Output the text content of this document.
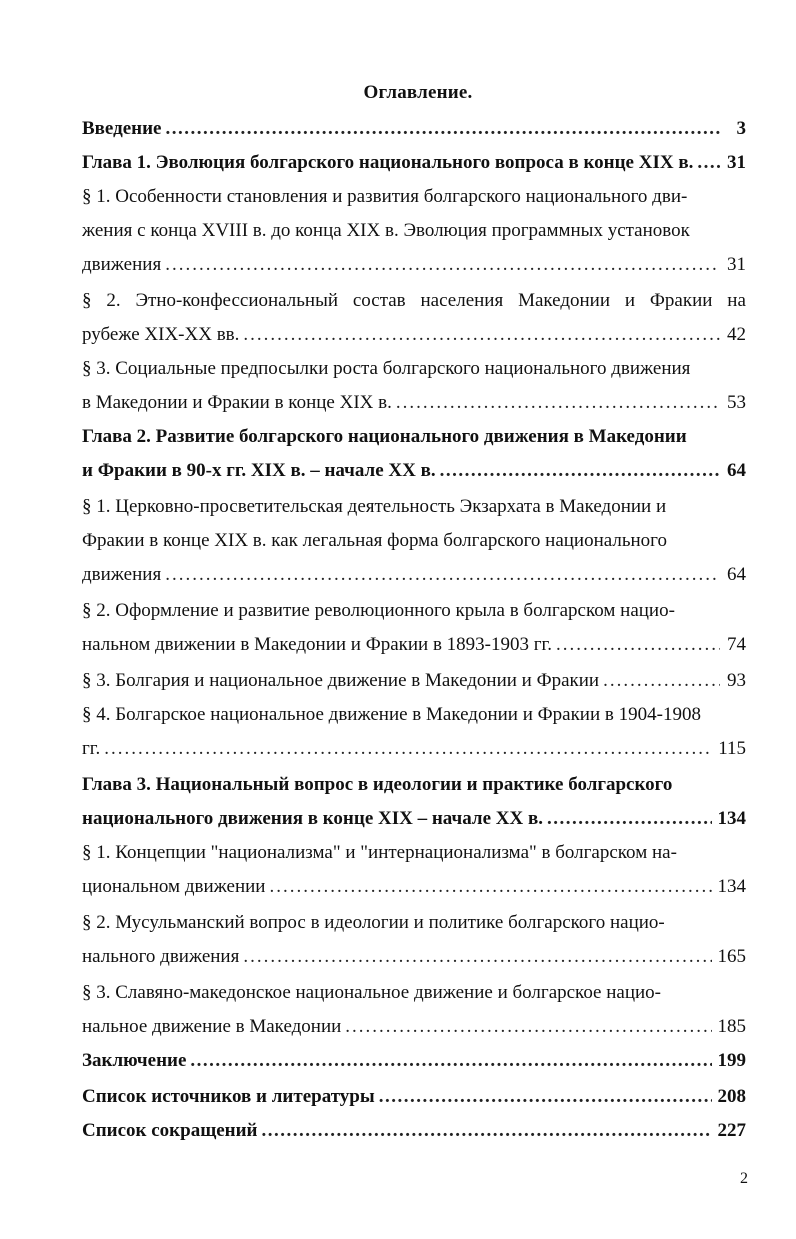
Оглавление.
Введение .....	3
Глава 1. Эволюция болгарского национального вопроса в конце XIX в. ..... 31
§ 1. Особенности становления и развития болгарского национального дви-
жения с конца XVIII в. до конца XIX в. Эволюция программных установок
движения .....	31
§ 2. Этно-конфессиональный состав населения Македонии и Фракии на
рубеже XIX-XX вв. .....	42
§ 3. Социальные предпосылки роста болгарского национального движения
в Македонии и Фракии в конце XIX в. .....	53
Глава 2. Развитие болгарского национального движения в Македонии
и Фракии в 90-х гг. XIX в. – начале XX в. .....	64
§ 1. Церковно-просветительская деятельность Экзархата в Македонии и
Фракии в конце XIX в. как легальная форма болгарского национального
движения .....	64
§ 2. Оформление и развитие революционного крыла в болгарском нацио-
нальном движении в Македонии и Фракии в 1893-1903 гг. .....	74
§ 3. Болгария и национальное движение в Македонии и Фракии .....	93
§ 4. Болгарское национальное движение в Македонии и Фракии в 1904-1908
гг. .....	115
Глава 3. Национальный вопрос в идеологии и практике болгарского
национального движения в конце XIX – начале XX в. .....	134
§ 1. Концепции "национализма" и "интернационализма" в болгарском на-
циональном движении .....	134
§ 2. Мусульманский вопрос в идеологии и политике болгарского нацио-
нального движения .....	165
§ 3. Славяно-македонское национальное движение и болгарское нацио-
нальное движение в Македонии .....	185
Заключение .....	199
Список источников и литературы .....	208
Список сокращений .....	227
2
